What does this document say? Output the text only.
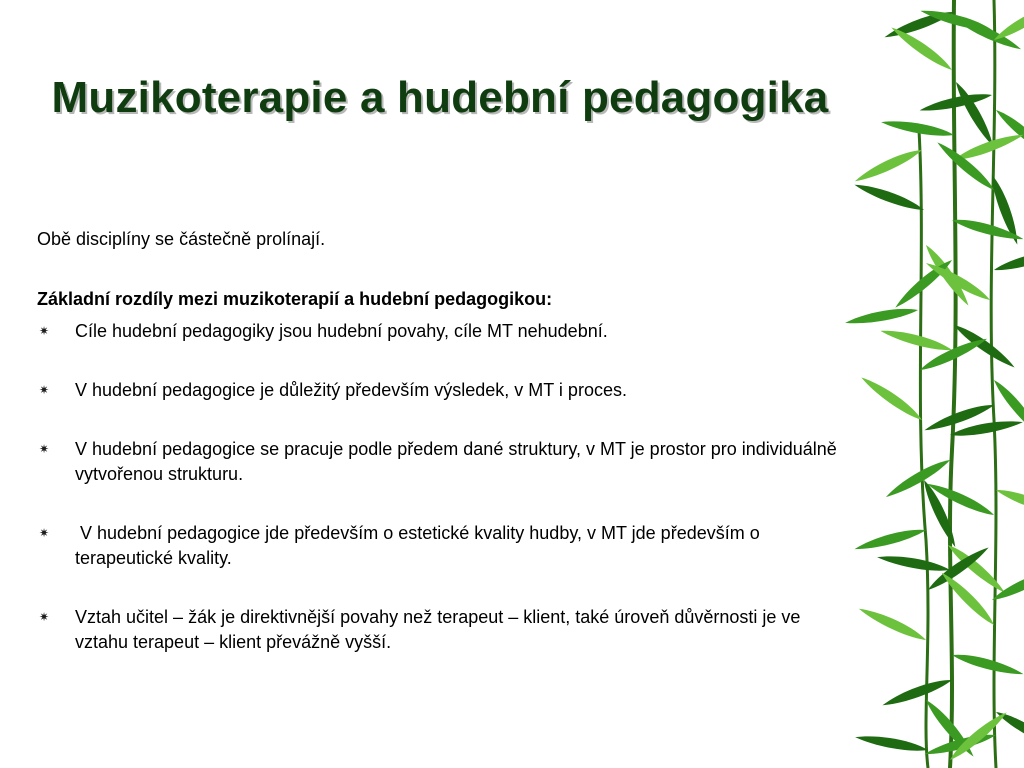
Muzikoterapie a hudební pedagogika

Obě disciplíny se částečně prolínají.

Základní rozdíly mezi muzikoterapií a hudební pedagogikou:

✷ Cíle hudební pedagogiky jsou hudební povahy, cíle MT nehudební.
✷ V hudební pedagogice je důležitý především výsledek, v MT i proces.
✷ V hudební pedagogice se pracuje podle předem dané struktury, v MT je prostor pro individuálně vytvořenou strukturu.
✷ V hudební pedagogice jde především o estetické kvality hudby, v MT jde především o terapeutické kvality.
✷ Vztah učitel – žák je direktivnější povahy než terapeut – klient, také úroveň důvěrnosti je ve vztahu terapeut – klient převážně vyšší.
